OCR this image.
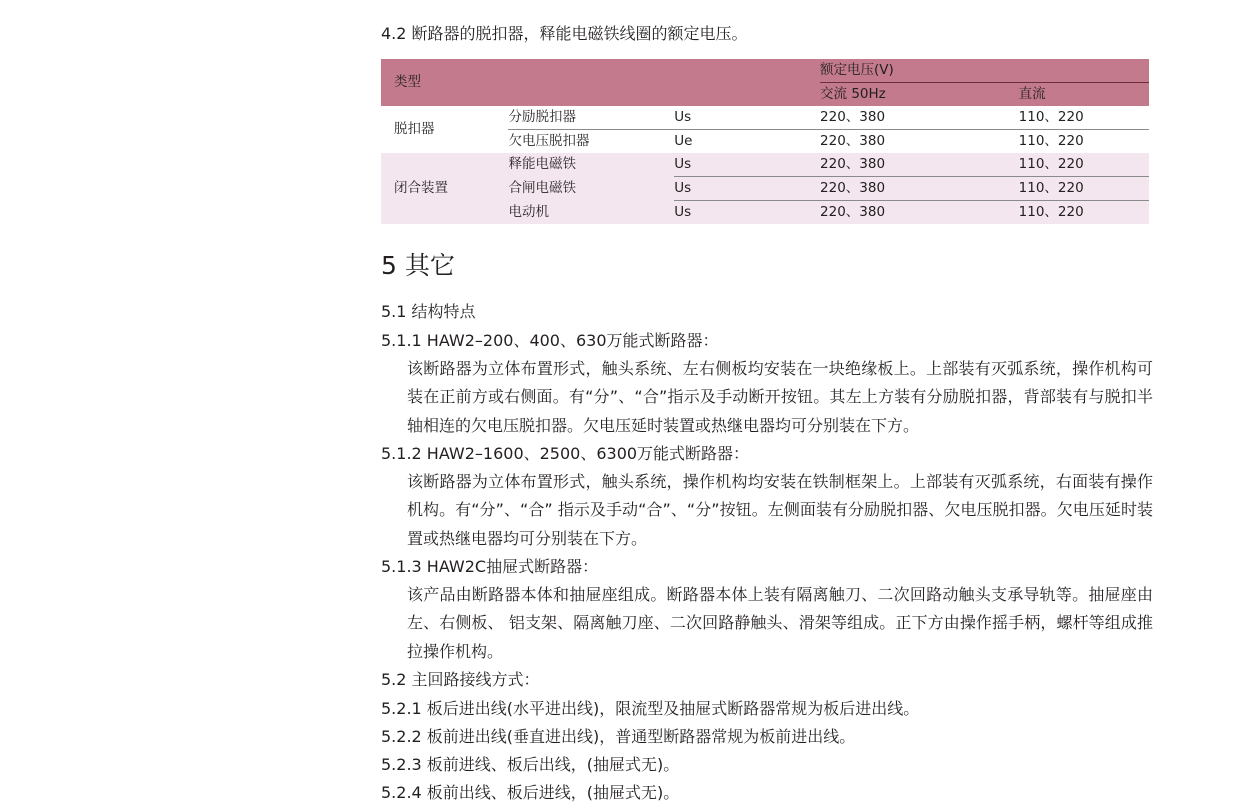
4.2 断路器的脱扣器，释能电磁铁线圈的额定电压。
类型			额定电压(V)	
			交流 50Hz	直流
脱扣器	分励脱扣器	Us	220、380	110、220
	欠电压脱扣器	Ue	220、380	110、220
闭合装置	释能电磁铁	Us	220、380	110、220
	合闸电磁铁	Us	220、380	110、220
	电动机	Us	220、380	110、220
5 其它
5.1 结构特点
5.1.1 HAW2–200、400、630万能式断路器：
该断路器为立体布置形式，触头系统、左右侧板均安装在一块绝缘板上。上部装有灭弧系统，操作机构可装在正前方或右侧面。有“分”、“合”指示及手动断开按钮。其左上方装有分励脱扣器，背部装有与脱扣半轴相连的欠电压脱扣器。欠电压延时装置或热继电器均可分别装在下方。
5.1.2 HAW2–1600、2500、6300万能式断路器：
该断路器为立体布置形式，触头系统，操作机构均安装在铁制框架上。上部装有灭弧系统，右面装有操作机构。有“分”、“合” 指示及手动“合”、“分”按钮。左侧面装有分励脱扣器、欠电压脱扣器。欠电压延时装置或热继电器均可分别装在下方。
5.1.3 HAW2C抽屉式断路器：
该产品由断路器本体和抽屉座组成。断路器本体上装有隔离触刀、二次回路动触头支承导轨等。抽屉座由左、右侧板、 铝支架、隔离触刀座、二次回路静触头、滑架等组成。正下方由操作摇手柄，螺杆等组成推拉操作机构。
5.2 主回路接线方式：
5.2.1 板后进出线(水平进出线)，限流型及抽屉式断路器常规为板后进出线。
5.2.2 板前进出线(垂直进出线)，普通型断路器常规为板前进出线。
5.2.3 板前进线、板后出线，(抽屉式无)。
5.2.4 板前出线、板后进线，(抽屉式无)。
